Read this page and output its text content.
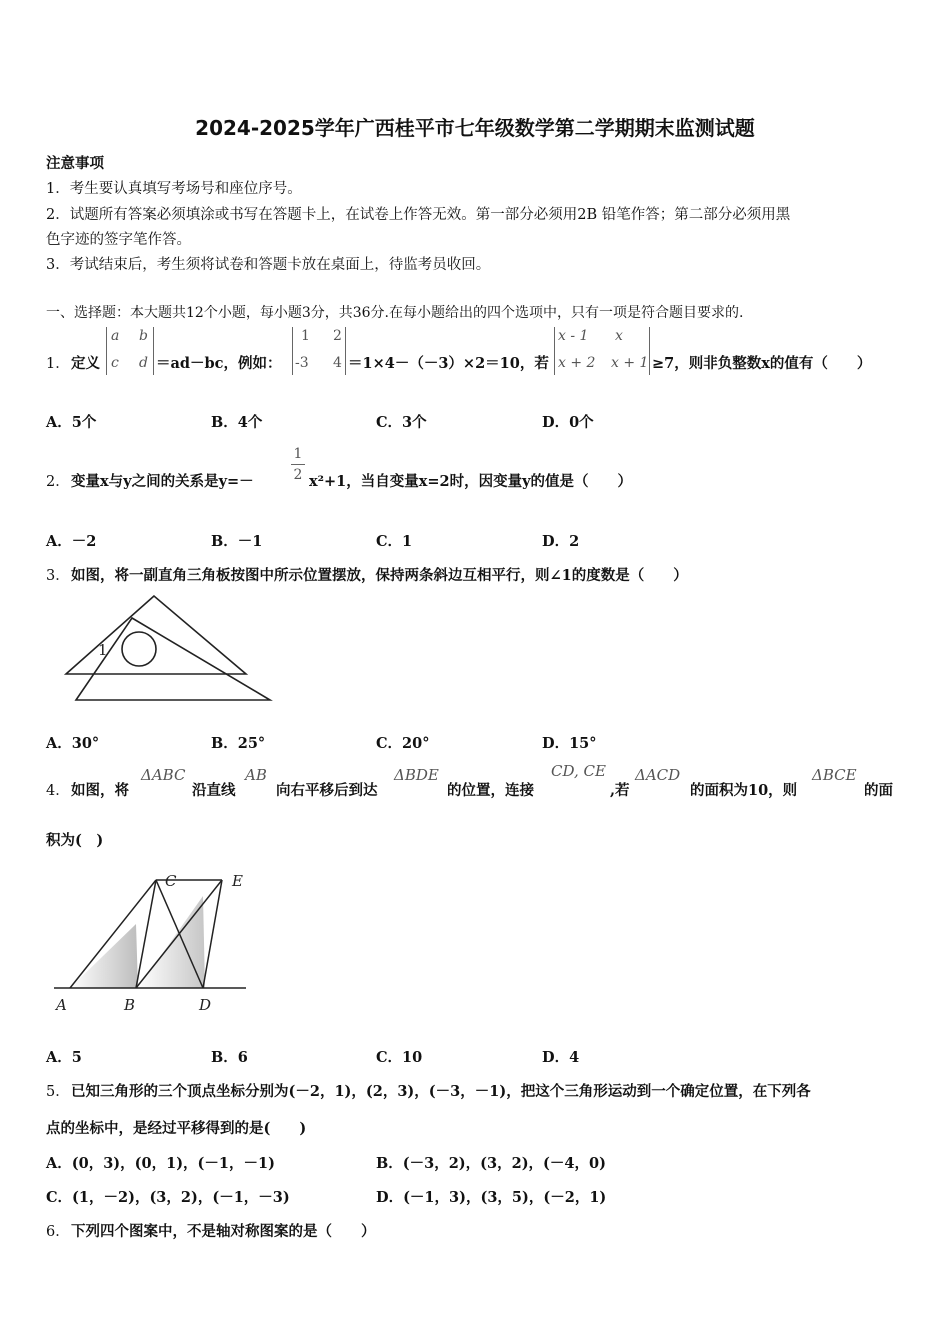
2024-2025学年广西桂平市七年级数学第二学期期末监测试题
注意事项
1．考生要认真填写考场号和座位序号。
2．试题所有答案必须填涂或书写在答题卡上，在试卷上作答无效。第一部分必须用2B 铅笔作答；第二部分必须用黑
色字迹的签字笔作答。
3．考试结束后，考生须将试卷和答题卡放在桌面上，待监考员收回。
一、选择题：本大题共12个小题，每小题3分，共36分.在每小题给出的四个选项中，只有一项是符合题目要求的.
1． 定义
a b
c d ＝ad－bc，例如：
1 2
-3 4 ＝1×4－（－3）×2＝10，若
x - 1 x
x + 2 x + 1 ≥7，则非负整数x的值有（　　）
A．5个	B．4个	C．3个	D．0个
2． 变量x与y之间的关系是y=－
1
2 x²+1，当自变量x=2时，因变量y的值是（　　）
A．－2	B．－1	C．1	D．2
3． 如图，将一副直角三角板按图中所示位置摆放，保持两条斜边互相平行，则∠1的度数是（　　）
1
A．30°	B．25°	C．20°	D．15°
4． 如图，将
ΔABC
沿直线
AB
向右平移后到达
ΔBDE
的位置，连接
CD, CE
,若
ΔACD
的面积为10，则
ΔBCE
的面
积为(　)
C	E
A	B	D
A．5	B．6	C．10	D．4
5． 已知三角形的三个顶点坐标分别为(－2，1)，(2，3)，(－3，－1)，把这个三角形运动到一个确定位置，在下列各
点的坐标中，是经过平移得到的是(　　)
A．(0，3)，(0，1)，(－1，－1)	B．(－3，2)，(3，2)，(－4，0)
C．(1，－2)，(3，2)，(－1，－3)	D．(－1，3)，(3，5)，(－2，1)
6． 下列四个图案中，不是轴对称图案的是（　　）
